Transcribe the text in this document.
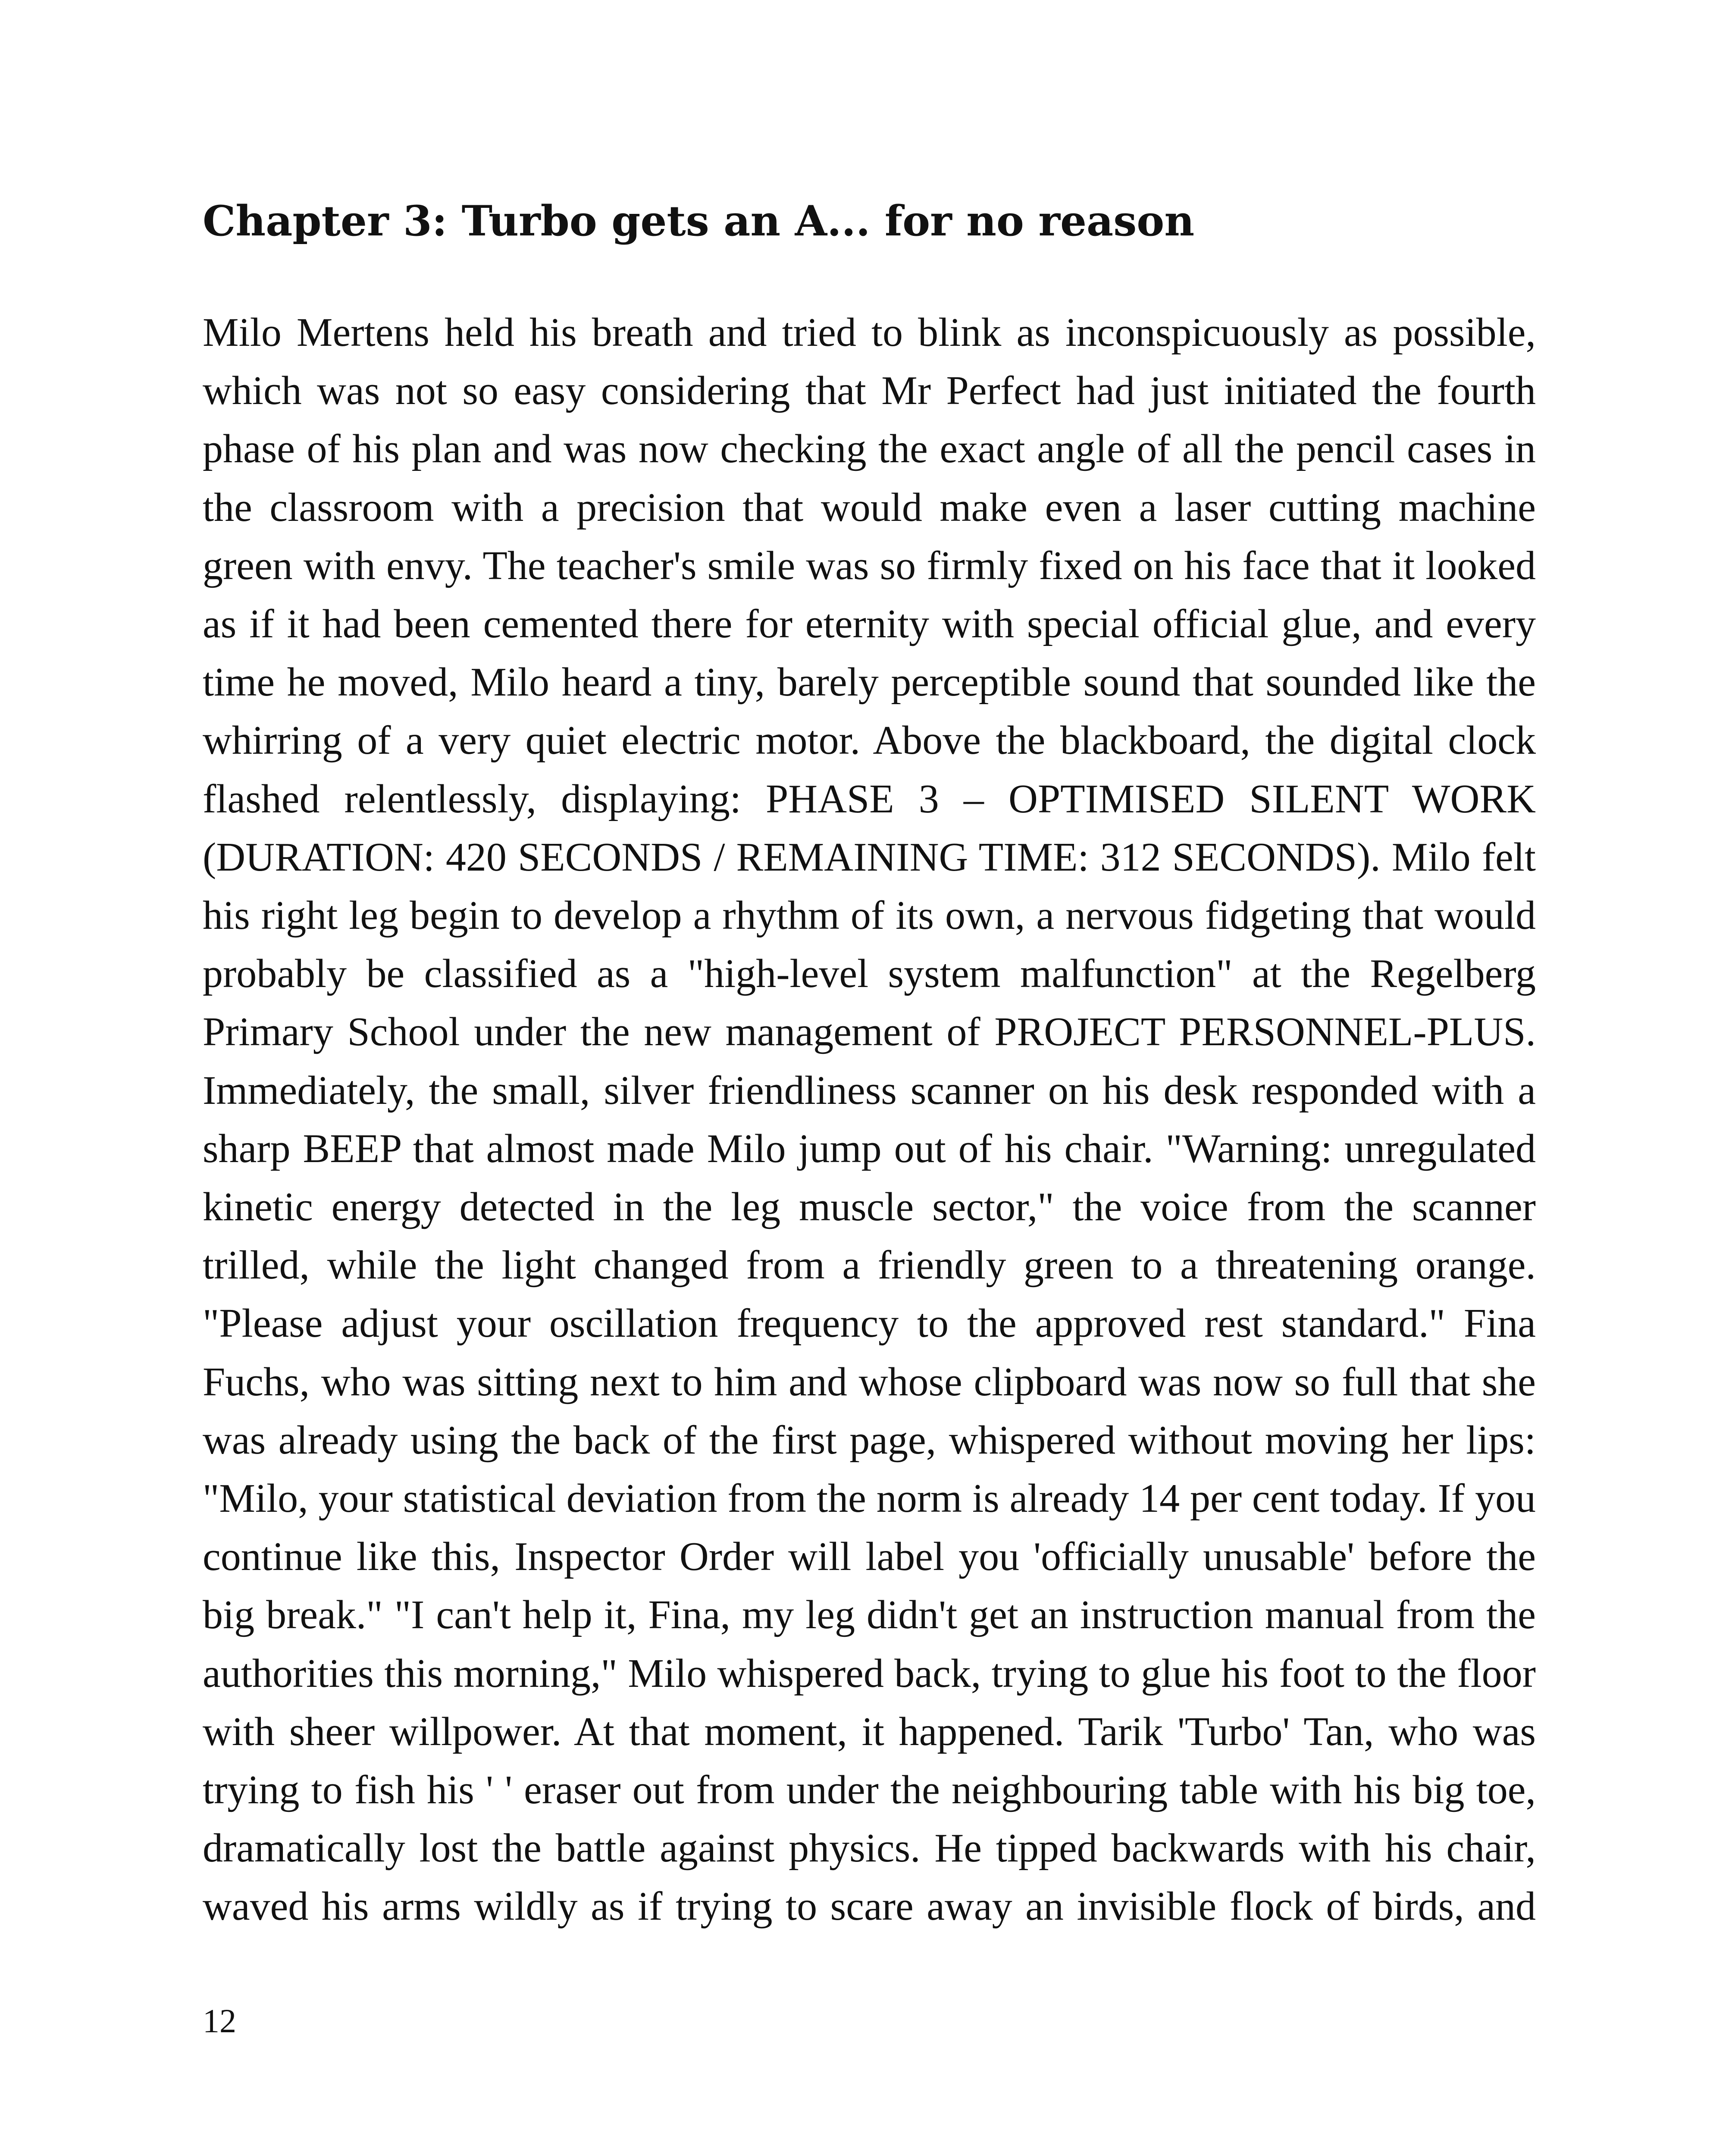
Chapter 3: Turbo gets an A... for no reason

Milo Mertens held his breath and tried to blink as inconspicuously as possible, which was not so easy considering that Mr Perfect had just initiated the fourth phase of his plan and was now checking the exact angle of all the pencil cases in the classroom with a precision that would make even a laser cutting machine green with envy. The teacher's smile was so firmly fixed on his face that it looked as if it had been cemented there for eternity with special official glue, and every time he moved, Milo heard a tiny, barely perceptible sound that sounded like the whirring of a very quiet electric motor. Above the blackboard, the digital clock flashed relentlessly, displaying: PHASE 3 – OPTIMISED SILENT WORK (DURATION: 420 SECONDS / REMAINING TIME: 312 SECONDS). Milo felt his right leg begin to develop a rhythm of its own, a nervous fidgeting that would probably be classified as a "high-level system malfunction" at the Regelberg Primary School under the new management of PROJECT PERSONNEL-PLUS. Immediately, the small, silver friendliness scanner on his desk responded with a sharp BEEP that almost made Milo jump out of his chair. "Warning: unregulated kinetic energy detected in the leg muscle sector," the voice from the scanner trilled, while the light changed from a friendly green to a threatening orange. "Please adjust your oscillation frequency to the approved rest standard." Fina Fuchs, who was sitting next to him and whose clipboard was now so full that she was already using the back of the first page, whispered without moving her lips: "Milo, your statistical deviation from the norm is already 14 per cent today. If you continue like this, Inspector Order will label you 'officially unusable' before the big break." "I can't help it, Fina, my leg didn't get an instruction manual from the authorities this morning," Milo whispered back, trying to glue his foot to the floor with sheer willpower. At that moment, it happened. Tarik 'Turbo' Tan, who was trying to fish his ' ' eraser out from under the neighbouring table with his big toe, dramatically lost the battle against physics. He tipped backwards with his chair, waved his arms wildly as if trying to scare away an invisible flock of birds, and

12
